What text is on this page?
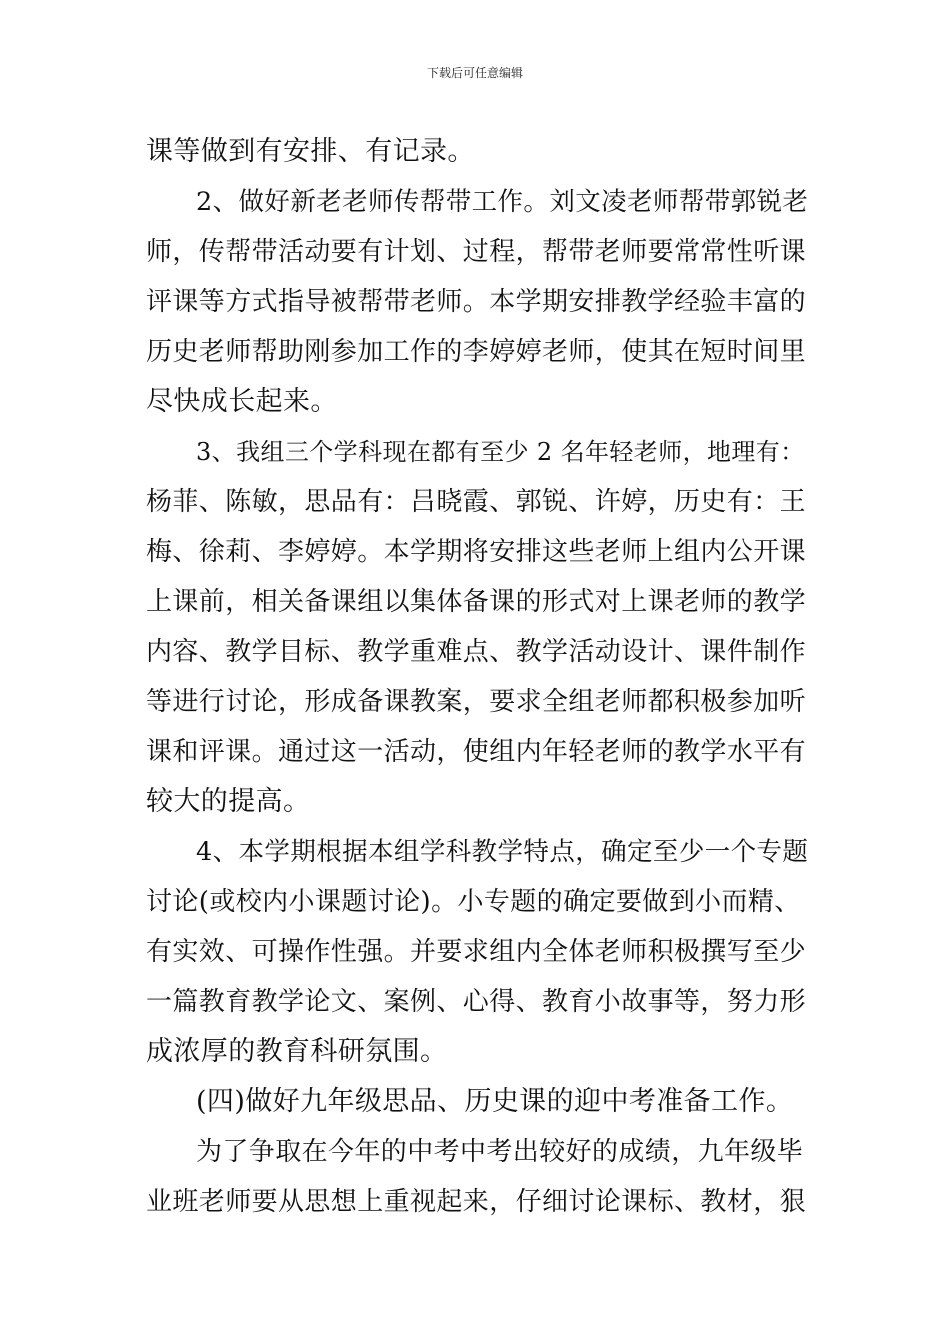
下载后可任意编辑
课等做到有安排、有记录。
2、做好新老老师传帮带工作。刘文凌老师帮带郭锐老
师，传帮带活动要有计划、过程，帮带老师要常常性听课
评课等方式指导被帮带老师。本学期安排教学经验丰富的
历史老师帮助刚参加工作的李婷婷老师，使其在短时间里
尽快成长起来。
3、我组三个学科现在都有至少 2 名年轻老师，地理有：
杨菲、陈敏，思品有：吕晓霞、郭锐、许婷，历史有：王
梅、徐莉、李婷婷。本学期将安排这些老师上组内公开课
上课前，相关备课组以集体备课的形式对上课老师的教学
内容、教学目标、教学重难点、教学活动设计、课件制作
等进行讨论，形成备课教案，要求全组老师都积极参加听
课和评课。通过这一活动，使组内年轻老师的教学水平有
较大的提高。
4、本学期根据本组学科教学特点，确定至少一个专题
讨论(或校内小课题讨论)。小专题的确定要做到小而精、
有实效、可操作性强。并要求组内全体老师积极撰写至少
一篇教育教学论文、案例、心得、教育小故事等，努力形
成浓厚的教育科研氛围。
(四)做好九年级思品、历史课的迎中考准备工作。
为了争取在今年的中考中考出较好的成绩，九年级毕
业班老师要从思想上重视起来，仔细讨论课标、教材，狠
